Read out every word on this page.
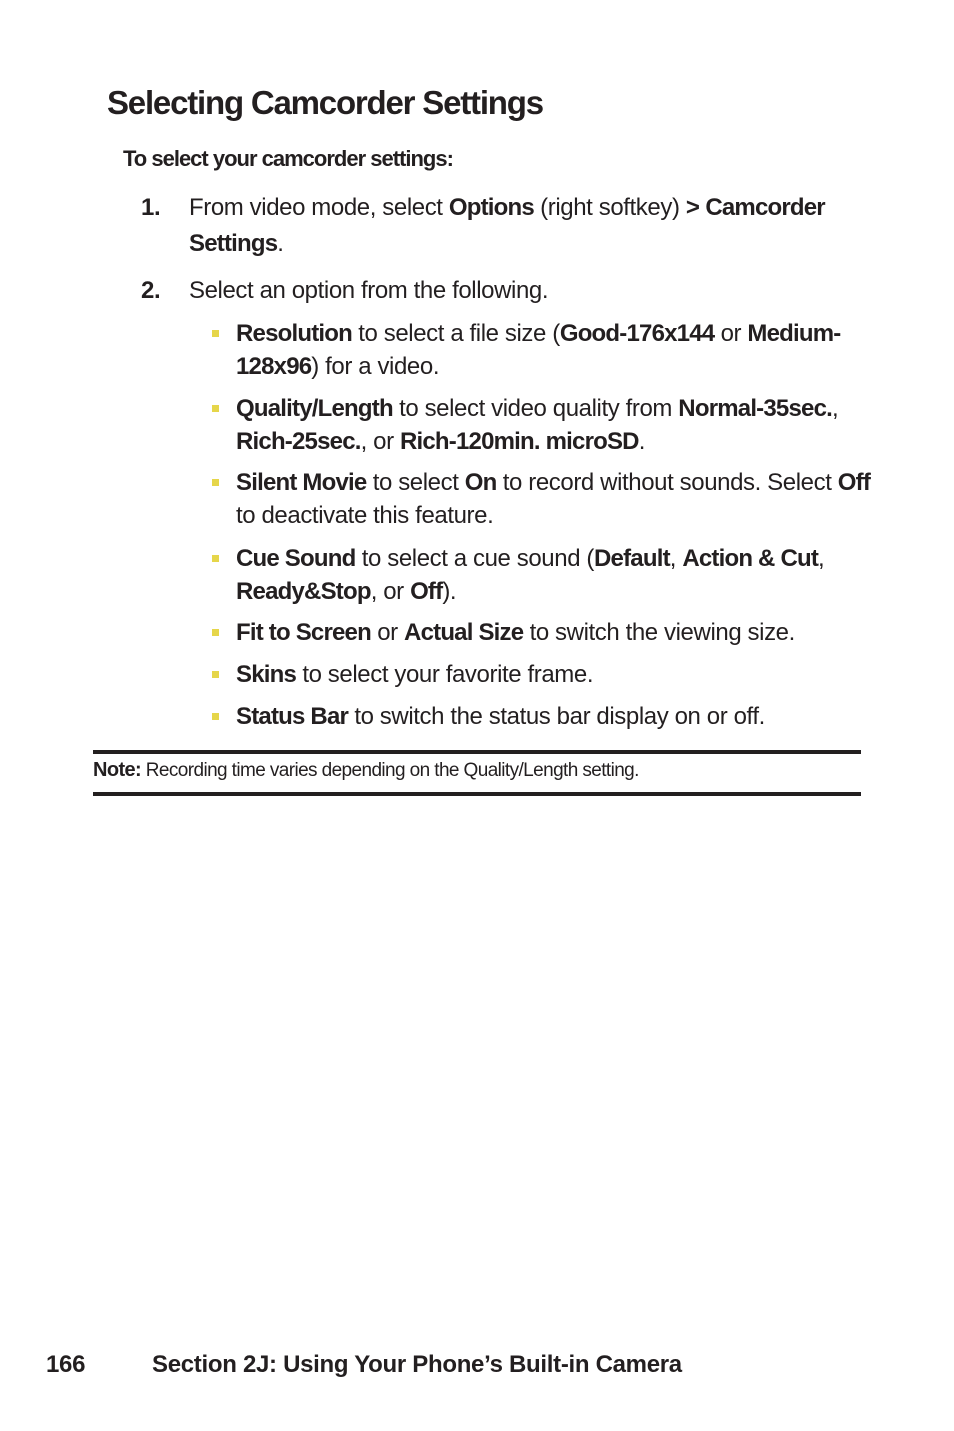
Selecting Camcorder Settings
To select your camcorder settings:
1. From video mode, select Options (right softkey) > Camcorder Settings.
2. Select an option from the following.
Resolution to select a file size (Good-176x144 or Medium-128x96) for a video.
Quality/Length to select video quality from Normal-35sec., Rich-25sec., or Rich-120min. microSD.
Silent Movie to select On to record without sounds. Select Off to deactivate this feature.
Cue Sound to select a cue sound (Default, Action & Cut, Ready&Stop, or Off).
Fit to Screen or Actual Size to switch the viewing size.
Skins to select your favorite frame.
Status Bar to switch the status bar display on or off.
Note: Recording time varies depending on the Quality/Length setting.
166	Section 2J: Using Your Phone’s Built-in Camera
